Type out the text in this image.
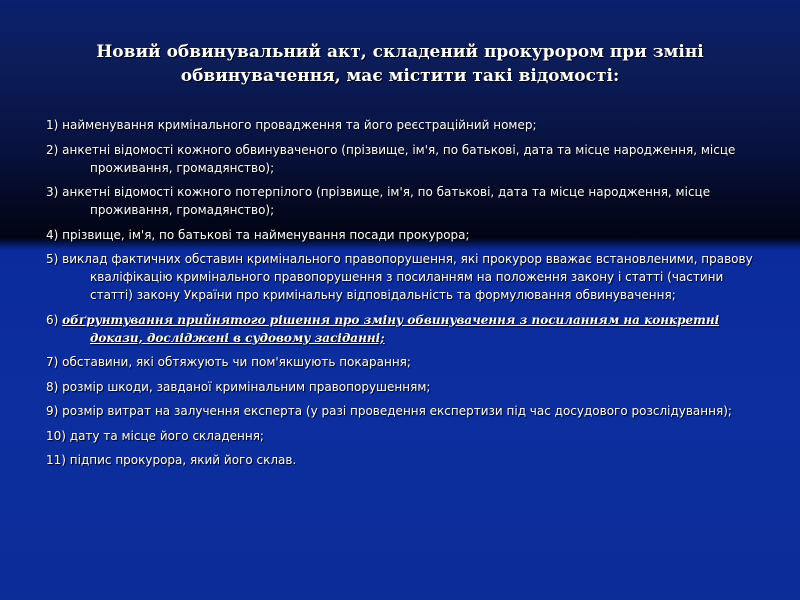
Новий обвинувальний акт, складений прокурором при зміні обвинувачення, має містити такі відомості:
1) найменування кримінального провадження та його реєстраційний номер;
2) анкетні відомості кожного обвинуваченого (прізвище, ім'я, по батькові, дата та місце народження, місце проживання, громадянство);
3) анкетні відомості кожного потерпілого (прізвище, ім'я, по батькові, дата та місце народження, місце проживання, громадянство);
4) прізвище, ім'я, по батькові та найменування посади прокурора;
5) виклад фактичних обставин кримінального правопорушення, які прокурор вважає встановленими, правову кваліфікацію кримінального правопорушення з посиланням на положення закону і статті (частини статті) закону України про кримінальну відповідальність та формулювання обвинувачення;
6) обґрунтування прийнятого рішення про зміну обвинувачення з посиланням на конкретні докази, досліджені в судовому засіданні;
7) обставини, які обтяжують чи пом'якшують покарання;
8) розмір шкоди, завданої кримінальним правопорушенням;
9) розмір витрат на залучення експерта (у разі проведення експертизи під час досудового розслідування);
10) дату та місце його складення;
11) підпис прокурора, який його склав.
